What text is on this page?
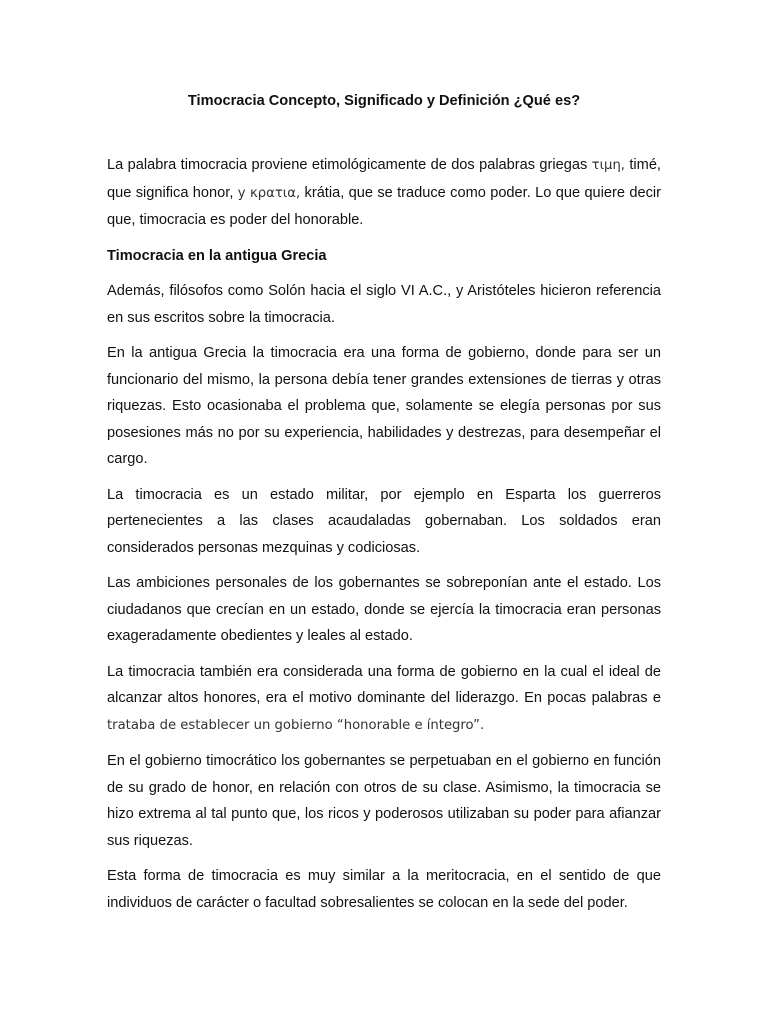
Timocracia Concepto, Significado y Definición ¿Qué es?

La palabra timocracia proviene etimológicamente de dos palabras griegas τιμη, timé, que significa honor, y κρατια, krátia, que se traduce como poder. Lo que quiere decir que, timocracia es poder del honorable.

Timocracia en la antigua Grecia

Además, filósofos como Solón hacia el siglo VI A.C., y Aristóteles hicieron referencia en sus escritos sobre la timocracia.

En la antigua Grecia la timocracia era una forma de gobierno, donde para ser un funcionario del mismo, la persona debía tener grandes extensiones de tierras y otras riquezas. Esto ocasionaba el problema que, solamente se elegía personas por sus posesiones más no por su experiencia, habilidades y destrezas, para desempeñar el cargo.

La timocracia es un estado militar, por ejemplo en Esparta los guerreros pertenecientes a las clases acaudaladas gobernaban. Los soldados eran considerados personas mezquinas y codiciosas.

Las ambiciones personales de los gobernantes se sobreponían ante el estado. Los ciudadanos que crecían en un estado, donde se ejercía la timocracia eran personas exageradamente obedientes y leales al estado.

La timocracia también era considerada una forma de gobierno en la cual el ideal de alcanzar altos honores, era el motivo dominante del liderazgo. En pocas palabras e trataba de establecer un gobierno “honorable e íntegro”.

En el gobierno timocrático los gobernantes se perpetuaban en el gobierno en función de su grado de honor, en relación con otros de su clase. Asimismo, la timocracia se hizo extrema al tal punto que, los ricos y poderosos utilizaban su poder para afianzar sus riquezas.

Esta forma de timocracia es muy similar a la meritocracia, en el sentido de que individuos de carácter o facultad sobresalientes se colocan en la sede del poder.
